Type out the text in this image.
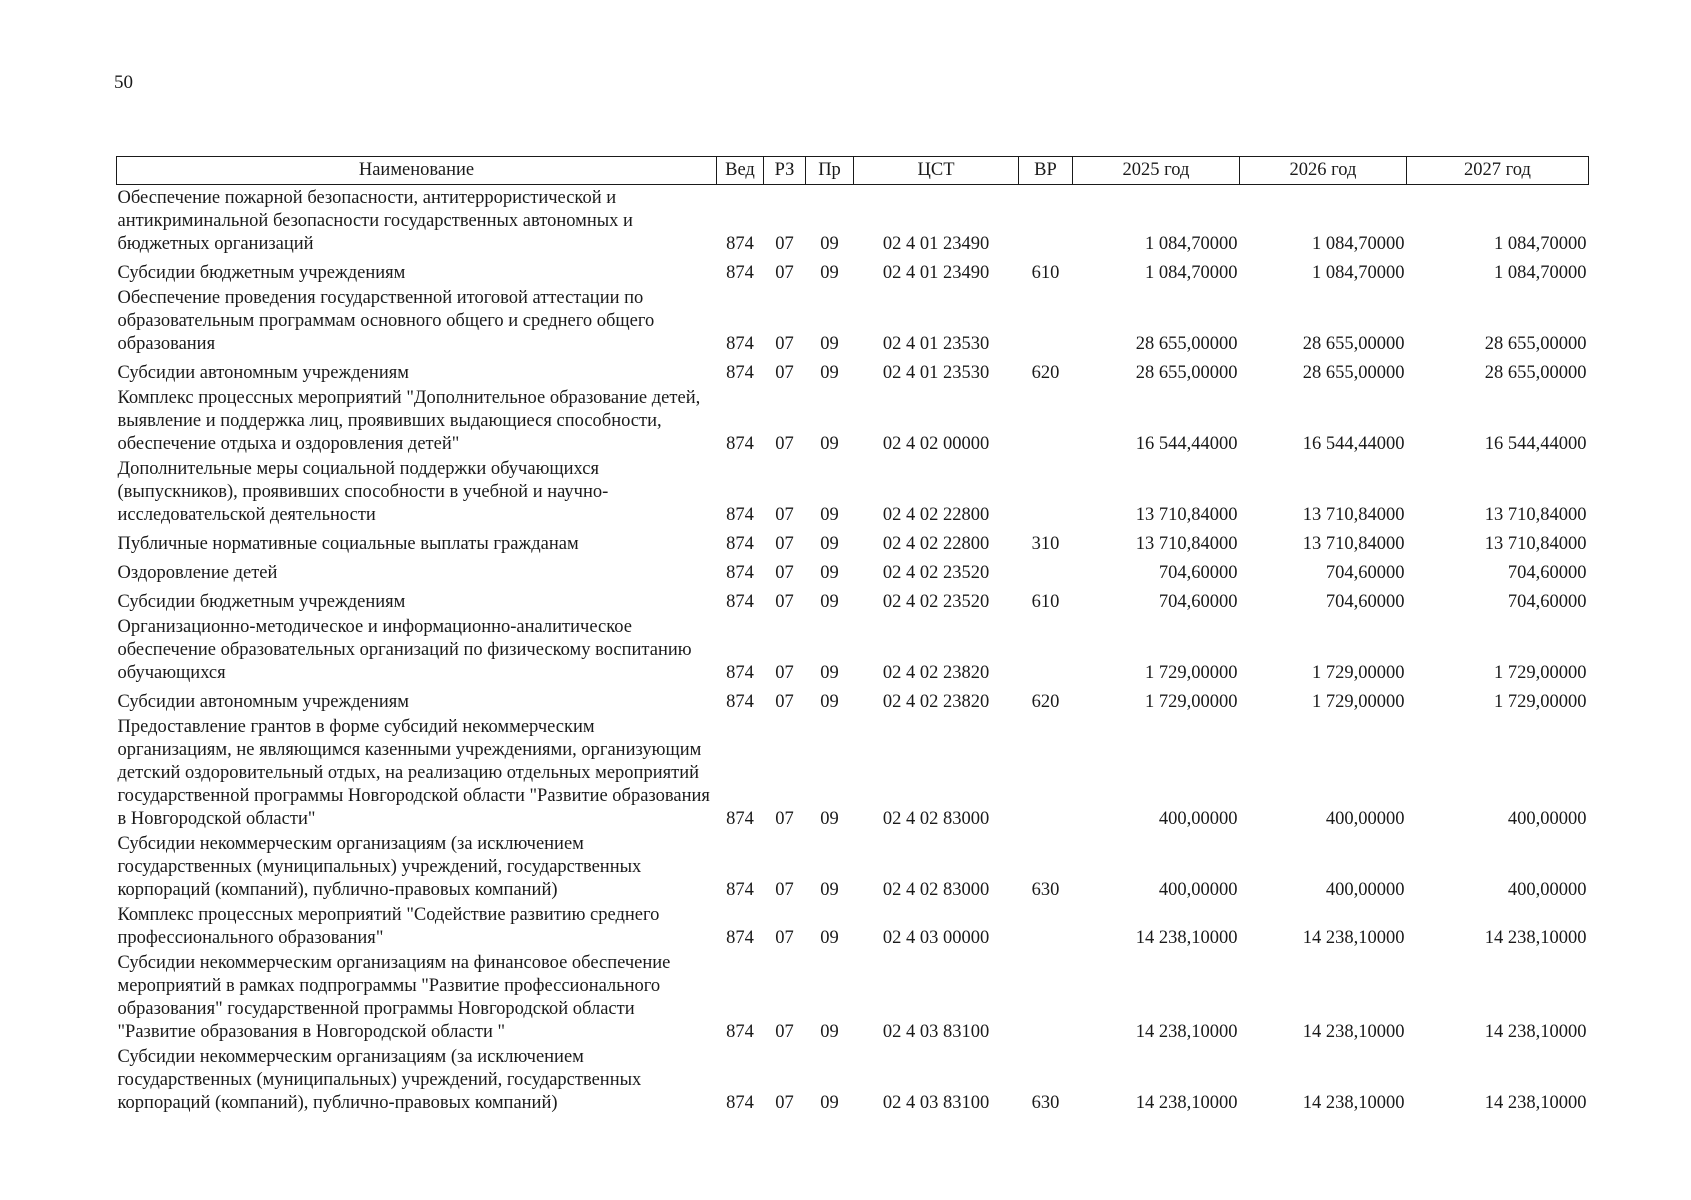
50
Наименование	Вед	РЗ	Пр	ЦСТ	ВР	2025 год	2026 год	2027 год
Обеспечение пожарной безопасности, антитеррористической и антикриминальной безопасности государственных автономных и бюджетных организаций	874	07	09	02 4 01 23490		1 084,70000	1 084,70000	1 084,70000
Субсидии бюджетным учреждениям	874	07	09	02 4 01 23490	610	1 084,70000	1 084,70000	1 084,70000
Обеспечение проведения государственной итоговой аттестации по образовательным программам основного общего и среднего общего образования	874	07	09	02 4 01 23530		28 655,00000	28 655,00000	28 655,00000
Субсидии автономным учреждениям	874	07	09	02 4 01 23530	620	28 655,00000	28 655,00000	28 655,00000
Комплекс процессных мероприятий "Дополнительное образование детей, выявление и поддержка лиц, проявивших выдающиеся способности, обеспечение отдыха и оздоровления детей"	874	07	09	02 4 02 00000		16 544,44000	16 544,44000	16 544,44000
Дополнительные меры социальной поддержки обучающихся (выпускников), проявивших способности в учебной и научно-исследовательской деятельности	874	07	09	02 4 02 22800		13 710,84000	13 710,84000	13 710,84000
Публичные нормативные социальные выплаты гражданам	874	07	09	02 4 02 22800	310	13 710,84000	13 710,84000	13 710,84000
Оздоровление детей	874	07	09	02 4 02 23520		704,60000	704,60000	704,60000
Субсидии бюджетным учреждениям	874	07	09	02 4 02 23520	610	704,60000	704,60000	704,60000
Организационно-методическое и информационно-аналитическое обеспечение образовательных организаций по физическому воспитанию обучающихся	874	07	09	02 4 02 23820		1 729,00000	1 729,00000	1 729,00000
Субсидии автономным учреждениям	874	07	09	02 4 02 23820	620	1 729,00000	1 729,00000	1 729,00000
Предоставление грантов в форме субсидий некоммерческим организациям, не являющимся казенными учреждениями, организующим детский оздоровительный отдых, на реализацию отдельных мероприятий государственной программы Новгородской области "Развитие образования в Новгородской области"	874	07	09	02 4 02 83000		400,00000	400,00000	400,00000
Субсидии некоммерческим организациям (за исключением государственных (муниципальных) учреждений, государственных корпораций (компаний), публично-правовых компаний)	874	07	09	02 4 02 83000	630	400,00000	400,00000	400,00000
Комплекс процессных мероприятий "Содействие развитию среднего профессионального образования"	874	07	09	02 4 03 00000		14 238,10000	14 238,10000	14 238,10000
Субсидии некоммерческим организациям на финансовое обеспечение мероприятий в рамках подпрограммы "Развитие профессионального образования" государственной программы Новгородской области "Развитие образования в Новгородской области "	874	07	09	02 4 03 83100		14 238,10000	14 238,10000	14 238,10000
Субсидии некоммерческим организациям (за исключением государственных (муниципальных) учреждений, государственных корпораций (компаний), публично-правовых компаний)	874	07	09	02 4 03 83100	630	14 238,10000	14 238,10000	14 238,10000
